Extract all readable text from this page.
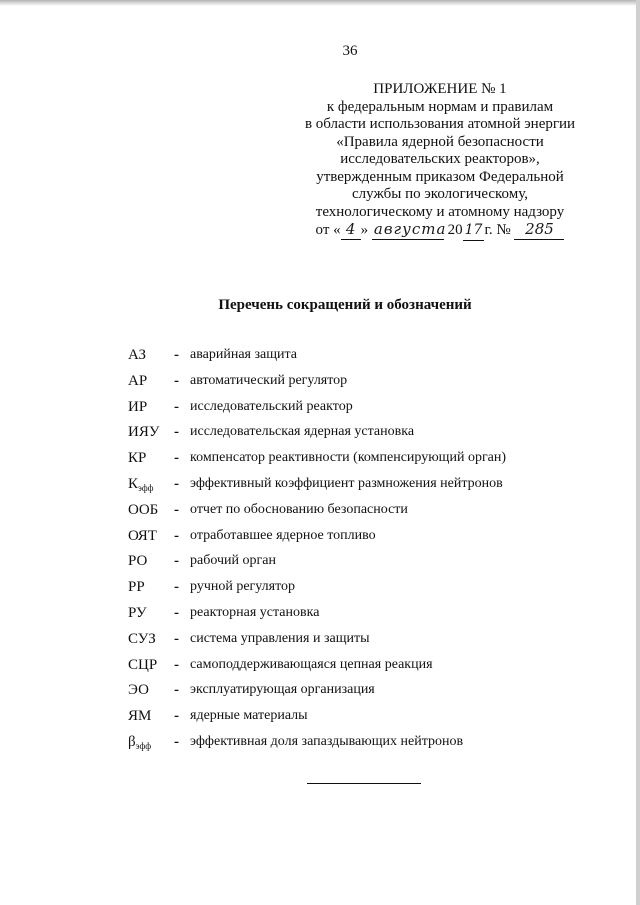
36
ПРИЛОЖЕНИЕ № 1
к федеральным нормам и правилам
в области использования атомной энергии
«Правила ядерной безопасности
исследовательских реакторов»,
утвержденным приказом Федеральной
службы по экологическому,
технологическому и атомному надзору
от « 4 » августа 20 17 г. № 285
Перечень сокращений и обозначений
АЗ	- аварийная защита
АР	- автоматический регулятор
ИР	- исследовательский реактор
ИЯУ - исследовательская ядерная установка
КР	- компенсатор реактивности (компенсирующий орган)
$К_{эфф}$	- эффективный коэффициент размножения нейтронов
ООБ	- отчет по обоснованию безопасности
ОЯТ	- отработавшее ядерное топливо
РО	- рабочий орган
РР	- ручной регулятор
РУ	- реакторная установка
СУЗ	- система управления и защиты
СЦР	- самоподдерживающаяся цепная реакция
ЭО	- эксплуатирующая организация
ЯМ	- ядерные материалы
$\beta_{эфф}$	- эффективная доля запаздывающих нейтронов
